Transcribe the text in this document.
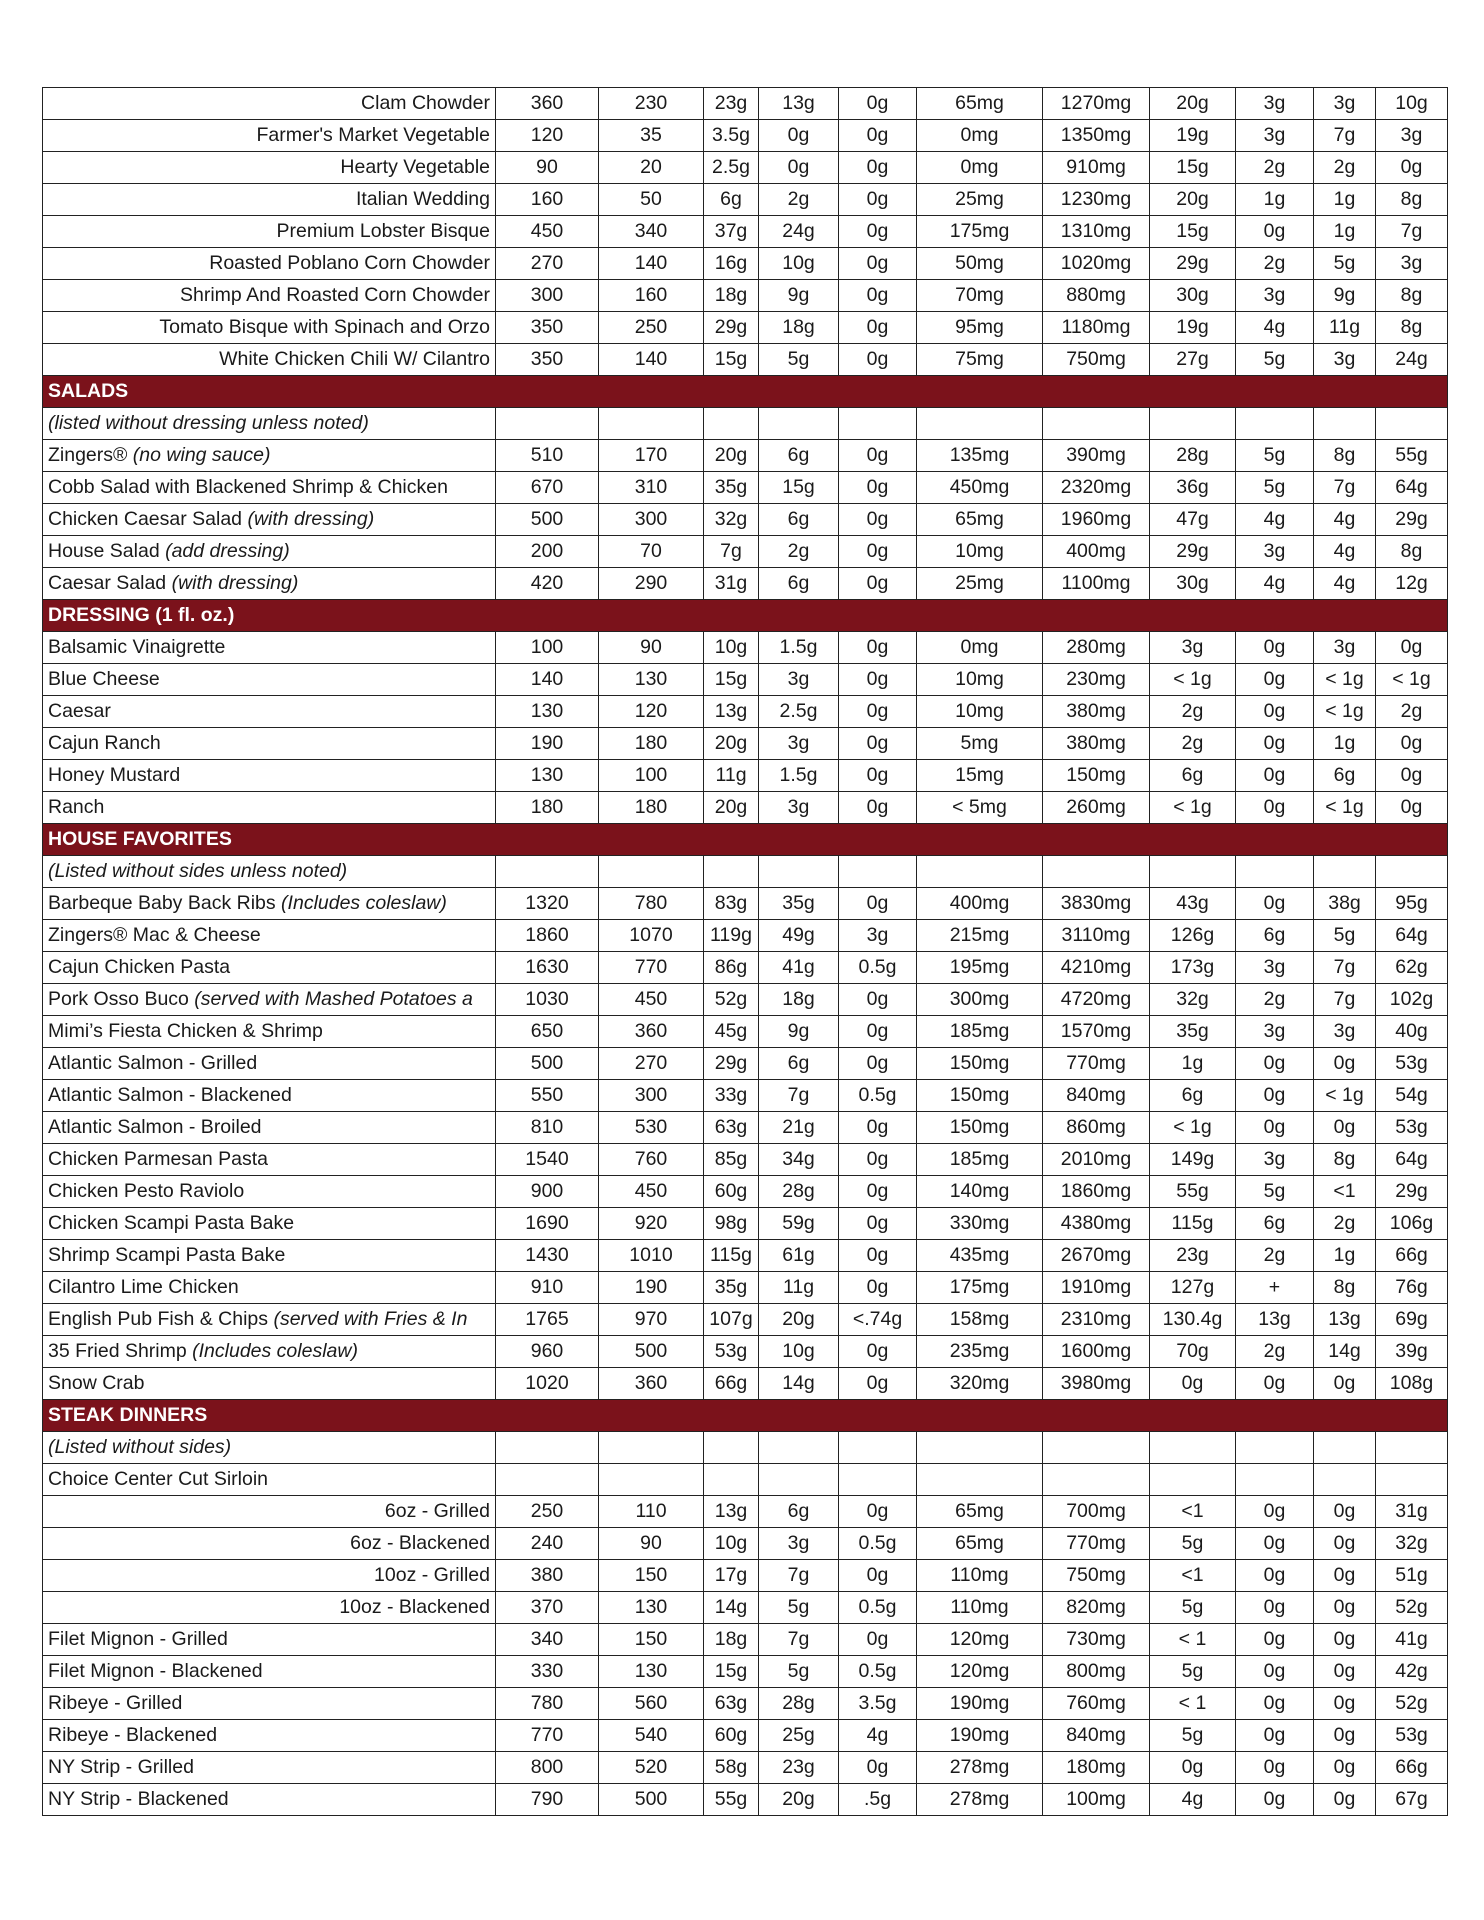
Clam Chowder	360	230	23g	13g	0g	65mg	1270mg	20g	3g	3g	10g
Farmer's Market Vegetable	120	35	3.5g	0g	0g	0mg	1350mg	19g	3g	7g	3g
Hearty Vegetable	90	20	2.5g	0g	0g	0mg	910mg	15g	2g	2g	0g
Italian Wedding	160	50	6g	2g	0g	25mg	1230mg	20g	1g	1g	8g
Premium Lobster Bisque	450	340	37g	24g	0g	175mg	1310mg	15g	0g	1g	7g
Roasted Poblano Corn Chowder	270	140	16g	10g	0g	50mg	1020mg	29g	2g	5g	3g
Shrimp And Roasted Corn Chowder	300	160	18g	9g	0g	70mg	880mg	30g	3g	9g	8g
Tomato Bisque with Spinach and Orzo	350	250	29g	18g	0g	95mg	1180mg	19g	4g	11g	8g
White Chicken Chili W/ Cilantro	350	140	15g	5g	0g	75mg	750mg	27g	5g	3g	24g
SALADS											
(listed without dressing unless noted)											
Zingers® (no wing sauce)	510	170	20g	6g	0g	135mg	390mg	28g	5g	8g	55g
Cobb Salad with Blackened Shrimp & Chicken	670	310	35g	15g	0g	450mg	2320mg	36g	5g	7g	64g
Chicken Caesar Salad (with dressing)	500	300	32g	6g	0g	65mg	1960mg	47g	4g	4g	29g
House Salad (add dressing)	200	70	7g	2g	0g	10mg	400mg	29g	3g	4g	8g
Caesar Salad (with dressing)	420	290	31g	6g	0g	25mg	1100mg	30g	4g	4g	12g
DRESSING (1 fl. oz.)											
Balsamic Vinaigrette	100	90	10g	1.5g	0g	0mg	280mg	3g	0g	3g	0g
Blue Cheese	140	130	15g	3g	0g	10mg	230mg	< 1g	0g	< 1g	< 1g
Caesar	130	120	13g	2.5g	0g	10mg	380mg	2g	0g	< 1g	2g
Cajun Ranch	190	180	20g	3g	0g	5mg	380mg	2g	0g	1g	0g
Honey Mustard	130	100	11g	1.5g	0g	15mg	150mg	6g	0g	6g	0g
Ranch	180	180	20g	3g	0g	< 5mg	260mg	< 1g	0g	< 1g	0g
HOUSE FAVORITES											
(Listed without sides unless noted)											
Barbeque Baby Back Ribs (Includes coleslaw)	1320	780	83g	35g	0g	400mg	3830mg	43g	0g	38g	95g
Zingers® Mac & Cheese	1860	1070	119g	49g	3g	215mg	3110mg	126g	6g	5g	64g
Cajun Chicken Pasta	1630	770	86g	41g	0.5g	195mg	4210mg	173g	3g	7g	62g
Pork Osso Buco (served with Mashed Potatoes a	1030	450	52g	18g	0g	300mg	4720mg	32g	2g	7g	102g
Mimi’s Fiesta Chicken & Shrimp	650	360	45g	9g	0g	185mg	1570mg	35g	3g	3g	40g
Atlantic Salmon - Grilled	500	270	29g	6g	0g	150mg	770mg	1g	0g	0g	53g
Atlantic Salmon - Blackened	550	300	33g	7g	0.5g	150mg	840mg	6g	0g	< 1g	54g
Atlantic Salmon - Broiled	810	530	63g	21g	0g	150mg	860mg	< 1g	0g	0g	53g
Chicken Parmesan Pasta	1540	760	85g	34g	0g	185mg	2010mg	149g	3g	8g	64g
Chicken Pesto Raviolo	900	450	60g	28g	0g	140mg	1860mg	55g	5g	<1	29g
Chicken Scampi Pasta Bake	1690	920	98g	59g	0g	330mg	4380mg	115g	6g	2g	106g
Shrimp Scampi Pasta Bake	1430	1010	115g	61g	0g	435mg	2670mg	23g	2g	1g	66g
Cilantro Lime Chicken	910	190	35g	11g	0g	175mg	1910mg	127g	+	8g	76g
English Pub Fish & Chips (served with Fries & In	1765	970	107g	20g	<.74g	158mg	2310mg	130.4g	13g	13g	69g
35 Fried Shrimp (Includes coleslaw)	960	500	53g	10g	0g	235mg	1600mg	70g	2g	14g	39g
Snow Crab	1020	360	66g	14g	0g	320mg	3980mg	0g	0g	0g	108g
STEAK DINNERS											
(Listed without sides)											
Choice Center Cut Sirloin											
6oz - Grilled	250	110	13g	6g	0g	65mg	700mg	<1	0g	0g	31g
6oz - Blackened	240	90	10g	3g	0.5g	65mg	770mg	5g	0g	0g	32g
10oz - Grilled	380	150	17g	7g	0g	110mg	750mg	<1	0g	0g	51g
10oz - Blackened	370	130	14g	5g	0.5g	110mg	820mg	5g	0g	0g	52g
Filet Mignon - Grilled	340	150	18g	7g	0g	120mg	730mg	< 1	0g	0g	41g
Filet Mignon - Blackened	330	130	15g	5g	0.5g	120mg	800mg	5g	0g	0g	42g
Ribeye - Grilled	780	560	63g	28g	3.5g	190mg	760mg	< 1	0g	0g	52g
Ribeye - Blackened	770	540	60g	25g	4g	190mg	840mg	5g	0g	0g	53g
NY Strip - Grilled	800	520	58g	23g	0g	278mg	180mg	0g	0g	0g	66g
NY Strip - Blackened	790	500	55g	20g	.5g	278mg	100mg	4g	0g	0g	67g
